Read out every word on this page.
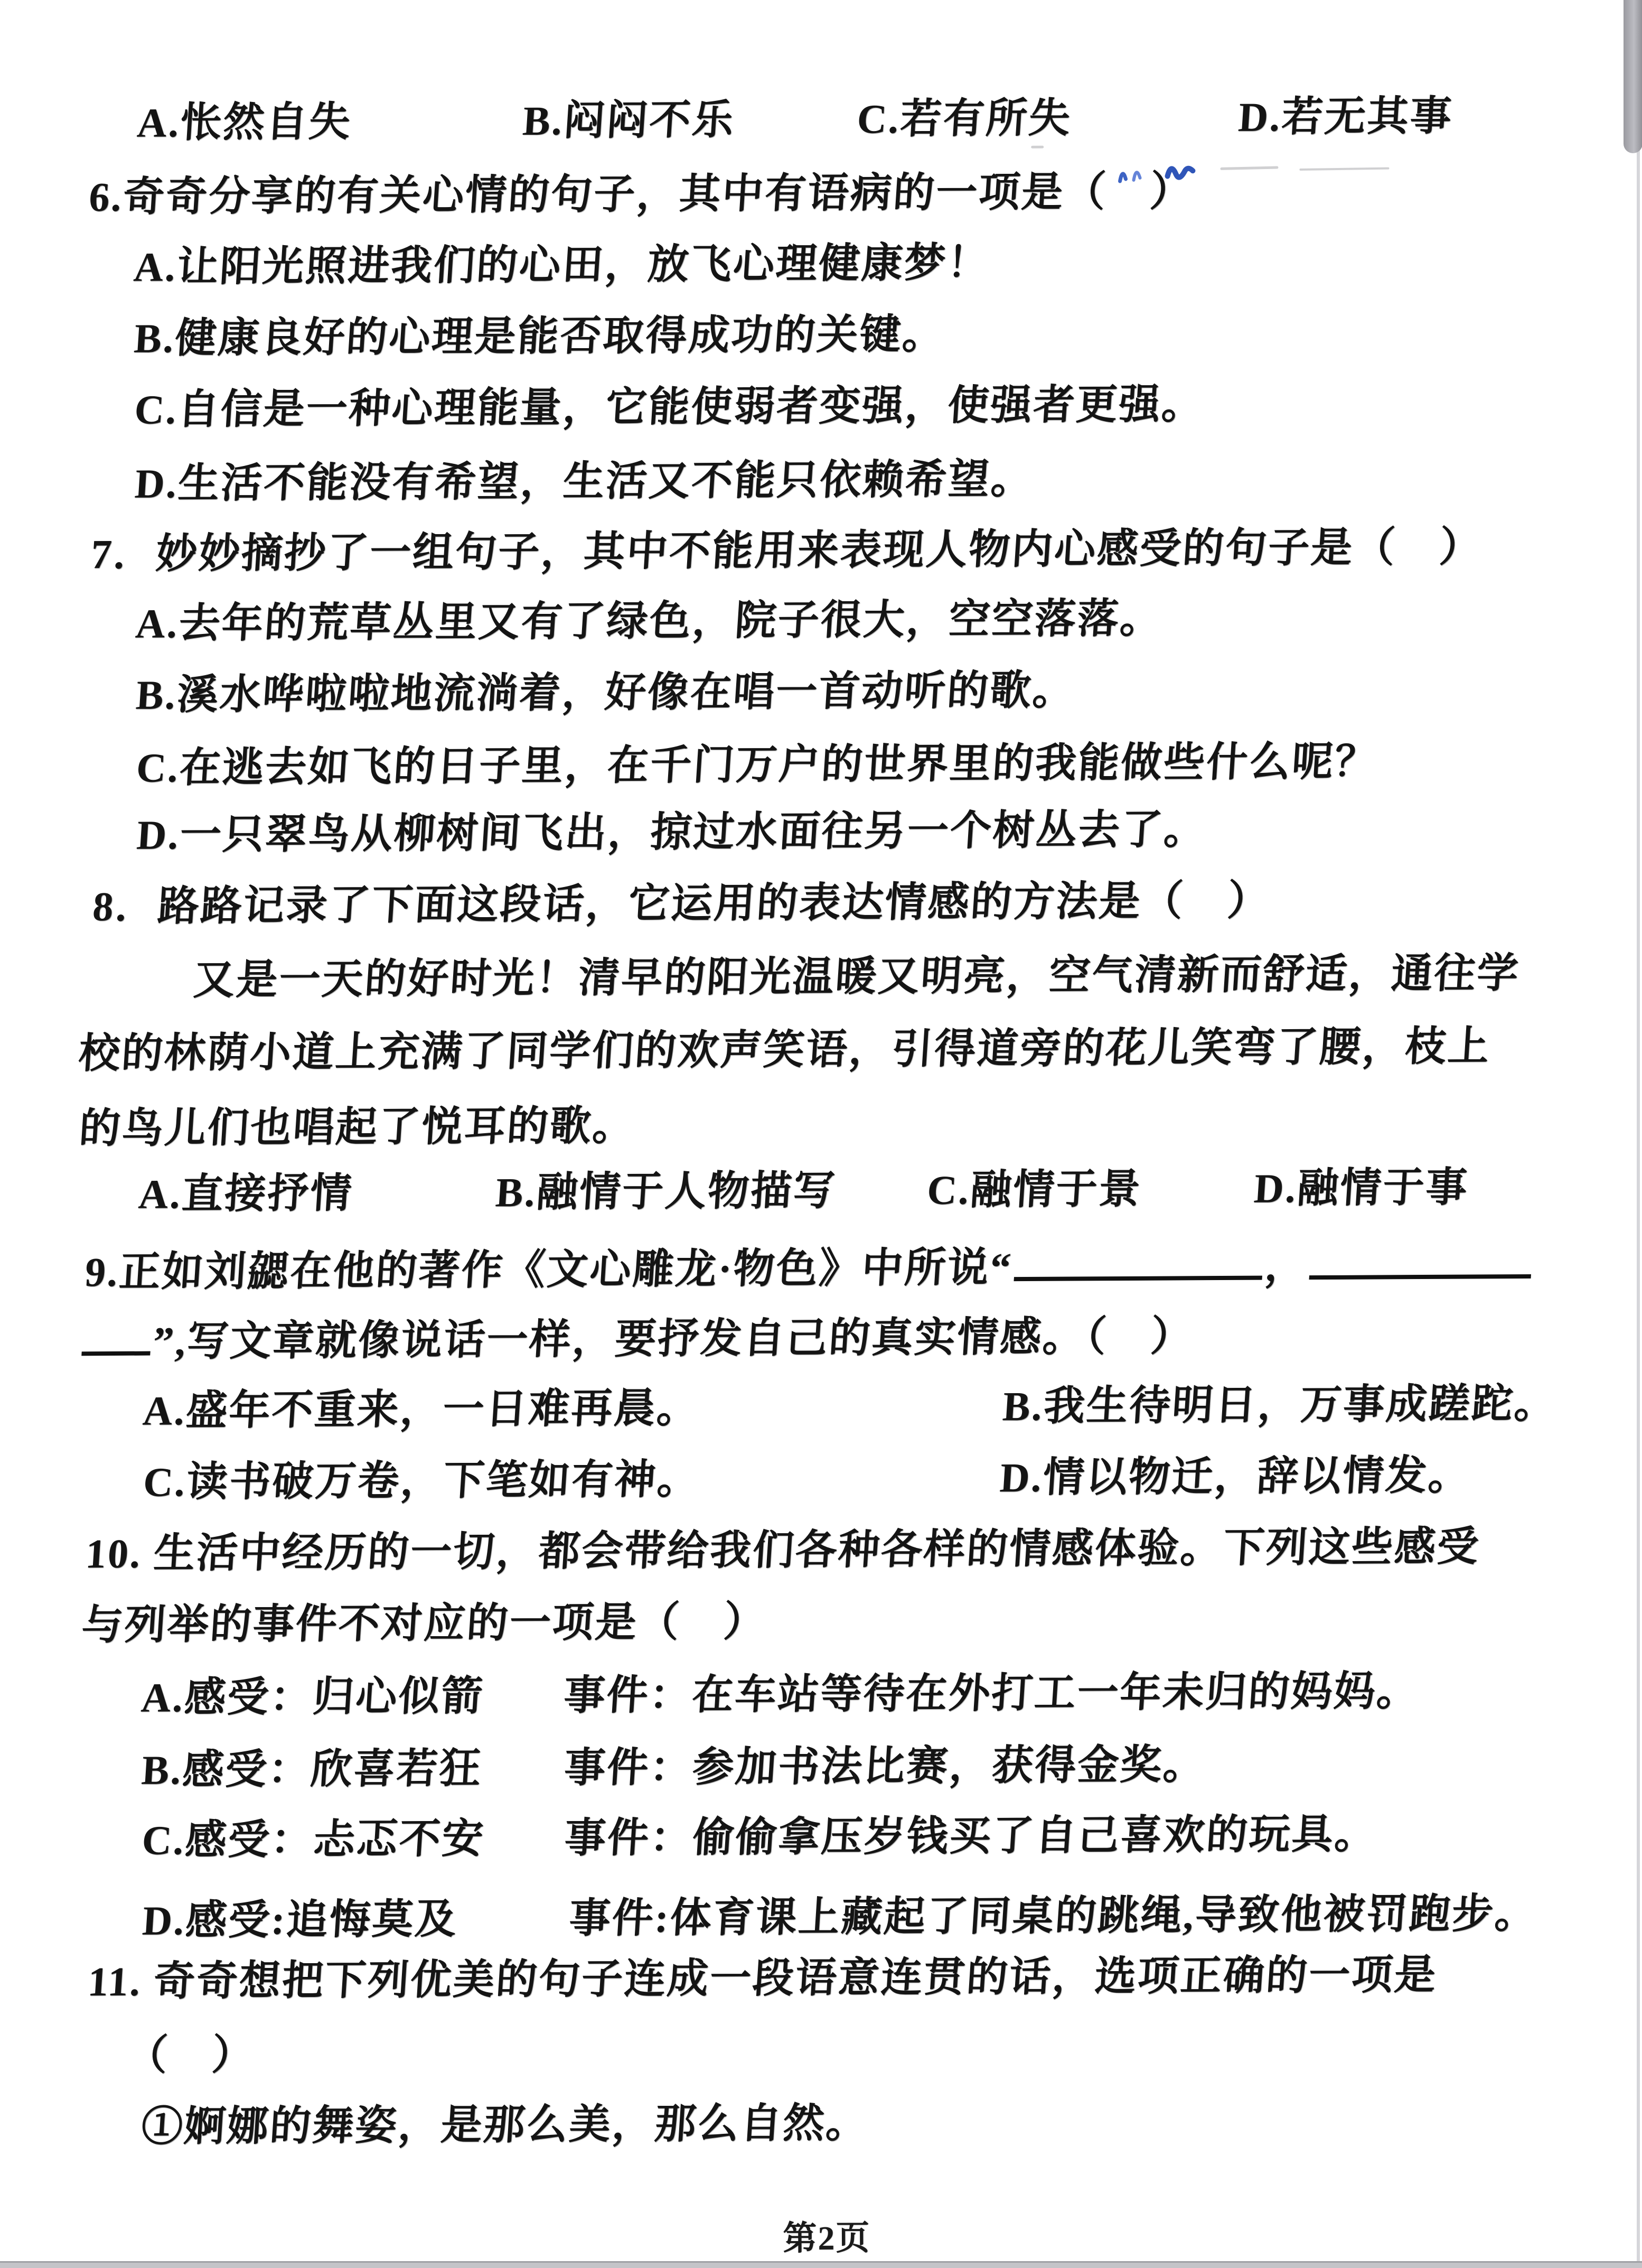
A.怅然自失	B.闷闷不乐	C.若有所失	D.若无其事
6.奇奇分享的有关心情的句子，其中有语病的一项是（　）
A.让阳光照进我们的心田，放飞心理健康梦！
B.健康良好的心理是能否取得成功的关键。
C.自信是一种心理能量，它能使弱者变强，使强者更强。
D.生活不能没有希望，生活又不能只依赖希望。
7．妙妙摘抄了一组句子，其中不能用来表现人物内心感受的句子是（　）
A.去年的荒草丛里又有了绿色，院子很大，空空落落。
B.溪水哗啦啦地流淌着，好像在唱一首动听的歌。
C.在逃去如飞的日子里，在千门万户的世界里的我能做些什么呢？
D.一只翠鸟从柳树间飞出，掠过水面往另一个树丛去了。
8．路路记录了下面这段话，它运用的表达情感的方法是（　）
又是一天的好时光！清早的阳光温暖又明亮，空气清新而舒适，通往学
校的林荫小道上充满了同学们的欢声笑语，引得道旁的花儿笑弯了腰，枝上
的鸟儿们也唱起了悦耳的歌。
A.直接抒情	B.融情于人物描写 C.融情于景	D.融情于事
9.正如刘勰在他的著作《文心雕龙·物色》中所说“	，
”,写文章就像说话一样，要抒发自己的真实情感。（　）
A.盛年不重来，一日难再晨。	B.我生待明日，万事成蹉跎。
C.读书破万卷，下笔如有神。	D.情以物迁，辞以情发。
10. 生活中经历的一切，都会带给我们各种各样的情感体验。下列这些感受
与列举的事件不对应的一项是（　）
A.感受：归心似箭 事件：在车站等待在外打工一年未归的妈妈。
B.感受：欣喜若狂 事件：参加书法比赛，获得金奖。
C.感受：忐忑不安 事件：偷偷拿压岁钱买了自己喜欢的玩具。
D.感受:追悔莫及	事件:体育课上藏起了同桌的跳绳,导致他被罚跑步。
11. 奇奇想把下列优美的句子连成一段语意连贯的话，选项正确的一项是
（　）
①婀娜的舞姿，是那么美，那么自然。
第2页
